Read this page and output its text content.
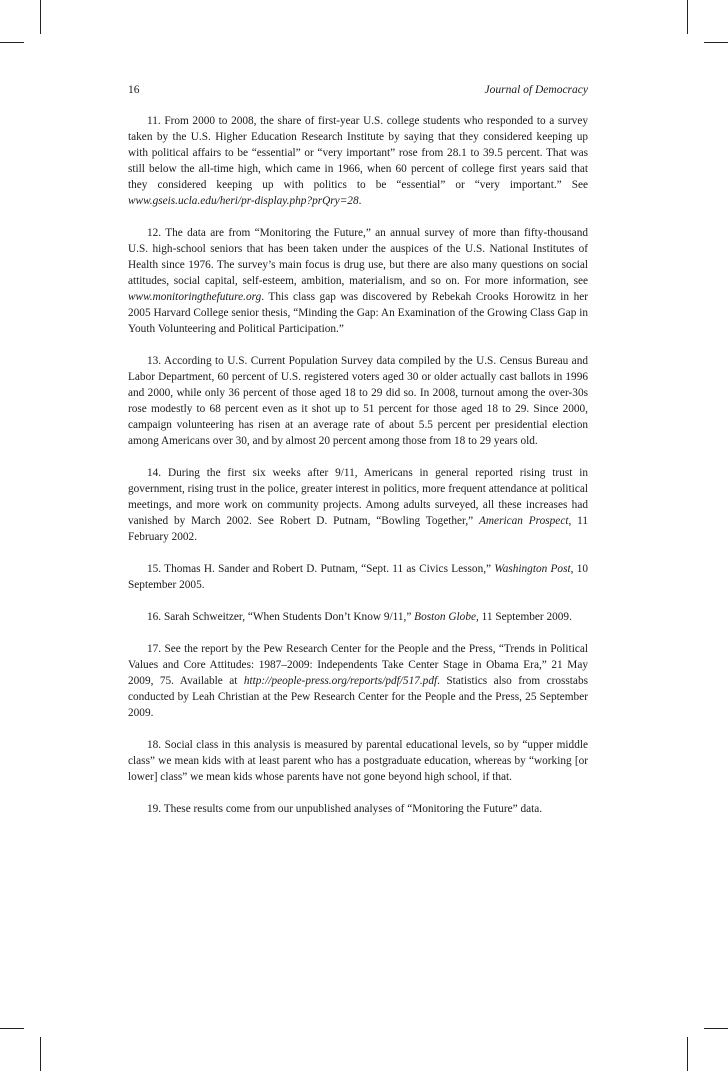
16	Journal of Democracy

11. From 2000 to 2008, the share of first-year U.S. college students who responded to a survey taken by the U.S. Higher Education Research Institute by saying that they considered keeping up with political affairs to be “essential” or “very important” rose from 28.1 to 39.5 percent. That was still below the all-time high, which came in 1966, when 60 percent of college first years said that they considered keeping up with politics to be “essential” or “very important.” See www.gseis.ucla.edu/heri/pr-display.php?prQry=28.

12. The data are from “Monitoring the Future,” an annual survey of more than fifty-thousand U.S. high-school seniors that has been taken under the auspices of the U.S. National Institutes of Health since 1976. The survey’s main focus is drug use, but there are also many questions on social attitudes, social capital, self-esteem, ambition, materialism, and so on. For more information, see www.monitoringthefuture.org. This class gap was discovered by Rebekah Crooks Horowitz in her 2005 Harvard College senior thesis, “Minding the Gap: An Examination of the Growing Class Gap in Youth Volunteering and Political Participation.”

13. According to U.S. Current Population Survey data compiled by the U.S. Census Bureau and Labor Department, 60 percent of U.S. registered voters aged 30 or older actually cast ballots in 1996 and 2000, while only 36 percent of those aged 18 to 29 did so. In 2008, turnout among the over-30s rose modestly to 68 percent even as it shot up to 51 percent for those aged 18 to 29. Since 2000, campaign volunteering has risen at an average rate of about 5.5 percent per presidential election among Americans over 30, and by almost 20 percent among those from 18 to 29 years old.

14. During the first six weeks after 9/11, Americans in general reported rising trust in government, rising trust in the police, greater interest in politics, more frequent attendance at political meetings, and more work on community projects. Among adults surveyed, all these increases had vanished by March 2002. See Robert D. Putnam, “Bowling Together,” American Prospect, 11 February 2002.

15. Thomas H. Sander and Robert D. Putnam, “Sept. 11 as Civics Lesson,” Washington Post, 10 September 2005.

16. Sarah Schweitzer, “When Students Don’t Know 9/11,” Boston Globe, 11 September 2009.

17. See the report by the Pew Research Center for the People and the Press, “Trends in Political Values and Core Attitudes: 1987–2009: Independents Take Center Stage in Obama Era,” 21 May 2009, 75. Available at http://people-press.org/reports/pdf/517.pdf. Statistics also from crosstabs conducted by Leah Christian at the Pew Research Center for the People and the Press, 25 September 2009.

18. Social class in this analysis is measured by parental educational levels, so by “upper middle class” we mean kids with at least parent who has a postgraduate education, whereas by “working [or lower] class” we mean kids whose parents have not gone beyond high school, if that.

19. These results come from our unpublished analyses of “Monitoring the Future” data.
